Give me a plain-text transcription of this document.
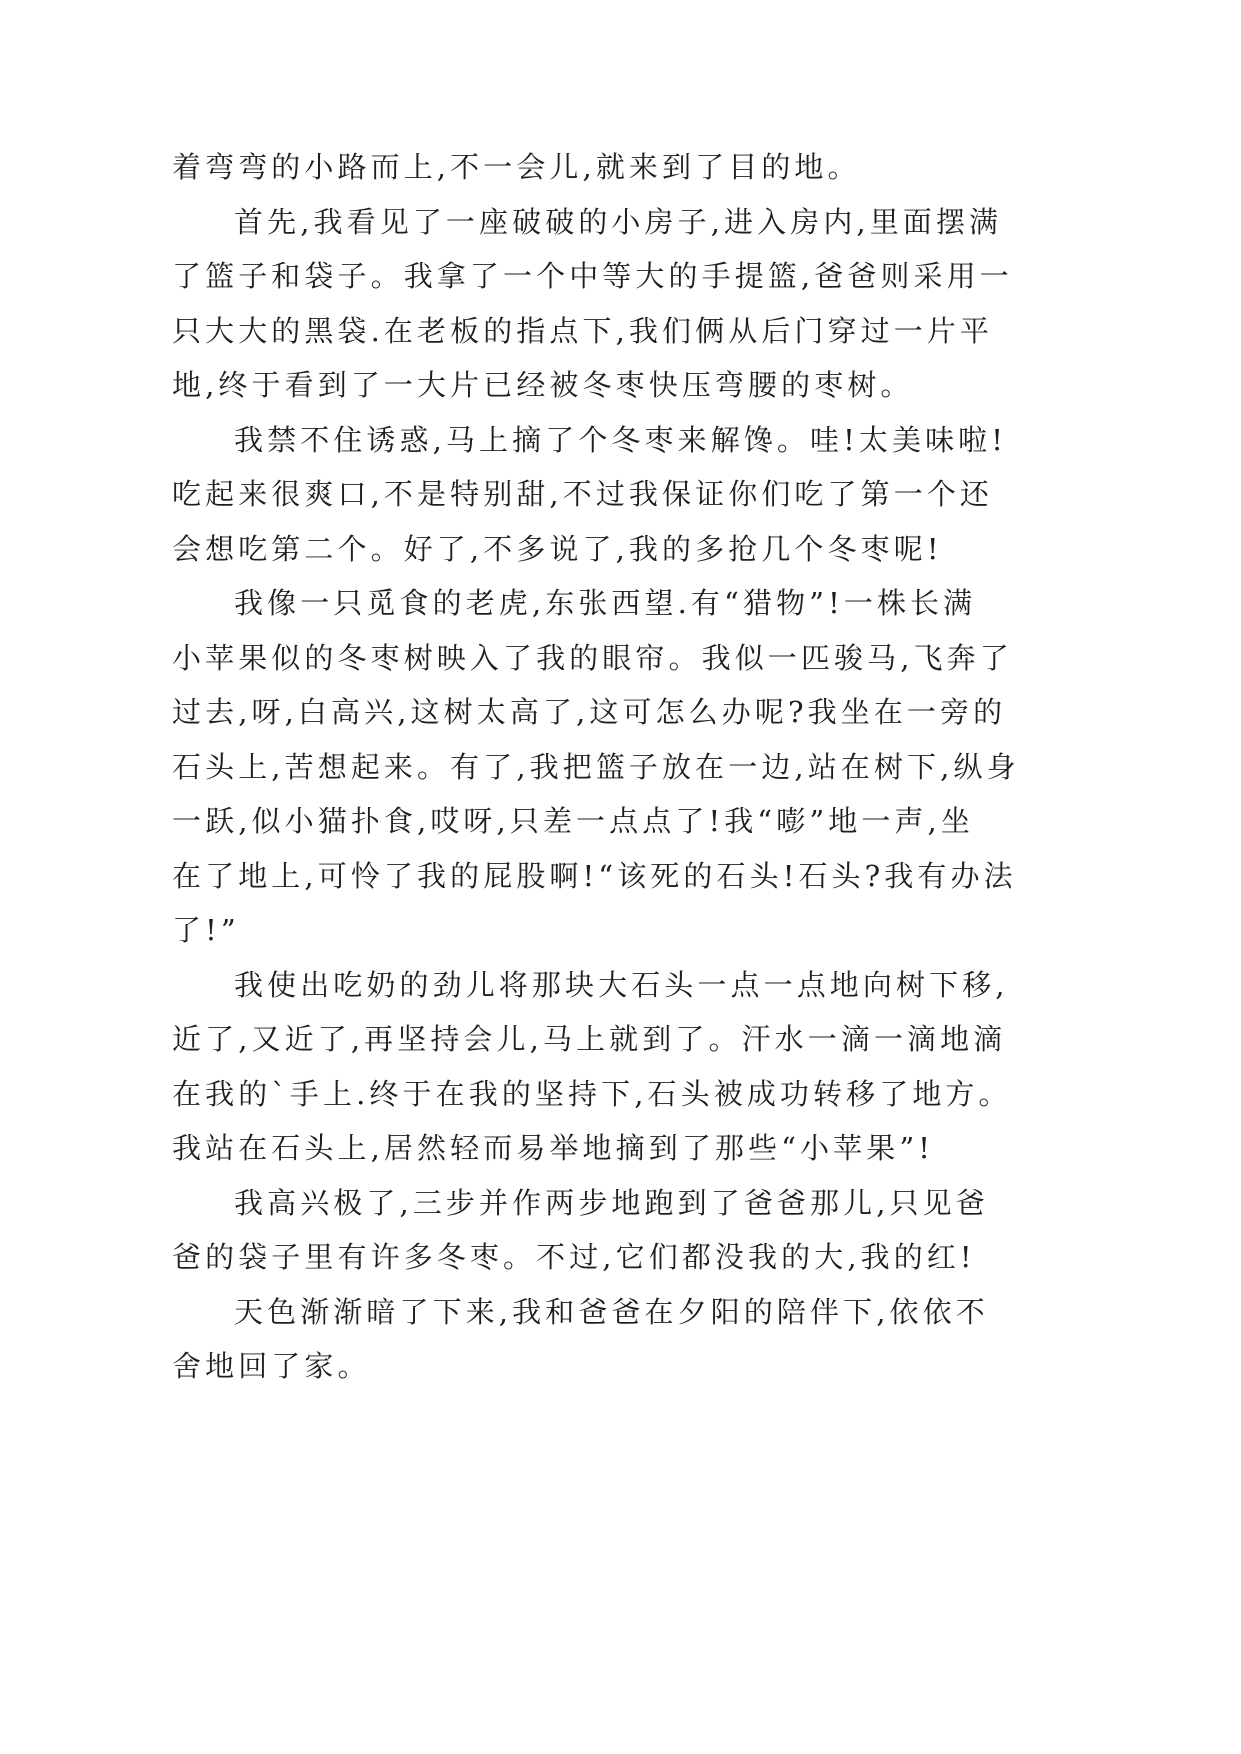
着弯弯的小路而上,不一会儿,就来到了目的地。
首先,我看见了一座破破的小房子,进入房内,里面摆满
了篮子和袋子。我拿了一个中等大的手提篮,爸爸则采用一
只大大的黑袋.在老板的指点下,我们俩从后门穿过一片平
地,终于看到了一大片已经被冬枣快压弯腰的枣树。
我禁不住诱惑,马上摘了个冬枣来解馋。哇!太美味啦!
吃起来很爽口,不是特别甜,不过我保证你们吃了第一个还
会想吃第二个。好了,不多说了,我的多抢几个冬枣呢!
我像一只觅食的老虎,东张西望.有“猎物”!一株长满
小苹果似的冬枣树映入了我的眼帘。我似一匹骏马,飞奔了
过去,呀,白高兴,这树太高了,这可怎么办呢?我坐在一旁的
石头上,苦想起来。有了,我把篮子放在一边,站在树下,纵身
一跃,似小猫扑食,哎呀,只差一点点了!我“嘭”地一声,坐
在了地上,可怜了我的屁股啊!“该死的石头!石头?我有办法
了!”
我使出吃奶的劲儿将那块大石头一点一点地向树下移,
近了,又近了,再坚持会儿,马上就到了。汗水一滴一滴地滴
在我的`手上.终于在我的坚持下,石头被成功转移了地方。
我站在石头上,居然轻而易举地摘到了那些“小苹果”!
我高兴极了,三步并作两步地跑到了爸爸那儿,只见爸
爸的袋子里有许多冬枣。不过,它们都没我的大,我的红!
天色渐渐暗了下来,我和爸爸在夕阳的陪伴下,依依不
舍地回了家。
